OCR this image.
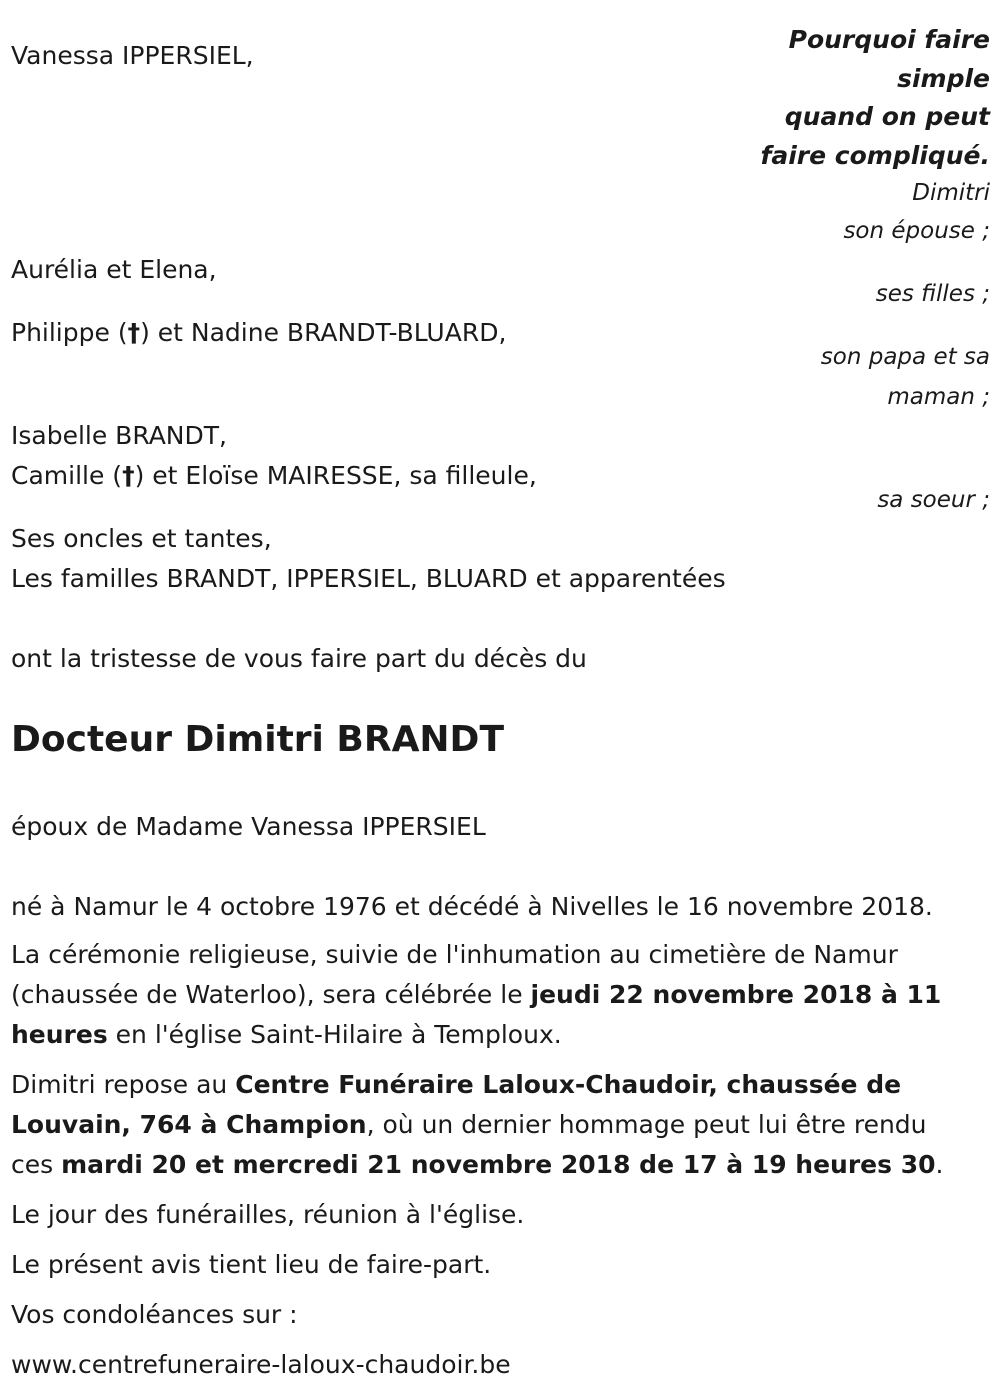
Pourquoi faire
simple
quand on peut
faire compliqué.
Dimitri
Vanessa IPPERSIEL,
son épouse ;
Aurélia et Elena,
ses filles ;
Philippe (†) et Nadine BRANDT-BLUARD,
son papa et sa
maman ;
Isabelle BRANDT,
Camille (†) et Eloïse MAIRESSE, sa filleule,
sa soeur ;
Ses oncles et tantes,
Les familles BRANDT, IPPERSIEL, BLUARD et apparentées
ont la tristesse de vous faire part du décès du
Docteur Dimitri BRANDT
époux de Madame Vanessa IPPERSIEL
né à Namur le 4 octobre 1976 et décédé à Nivelles le 16 novembre 2018.
La cérémonie religieuse, suivie de l'inhumation au cimetière de Namur (chaussée de Waterloo), sera célébrée le jeudi 22 novembre 2018 à 11 heures en l'église Saint-Hilaire à Temploux.
Dimitri repose au Centre Funéraire Laloux-Chaudoir, chaussée de Louvain, 764 à Champion, où un dernier hommage peut lui être rendu ces mardi 20 et mercredi 21 novembre 2018 de 17 à 19 heures 30.
Le jour des funérailles, réunion à l'église.
Le présent avis tient lieu de faire-part.
Vos condoléances sur :
www.centrefuneraire-laloux-chaudoir.be
